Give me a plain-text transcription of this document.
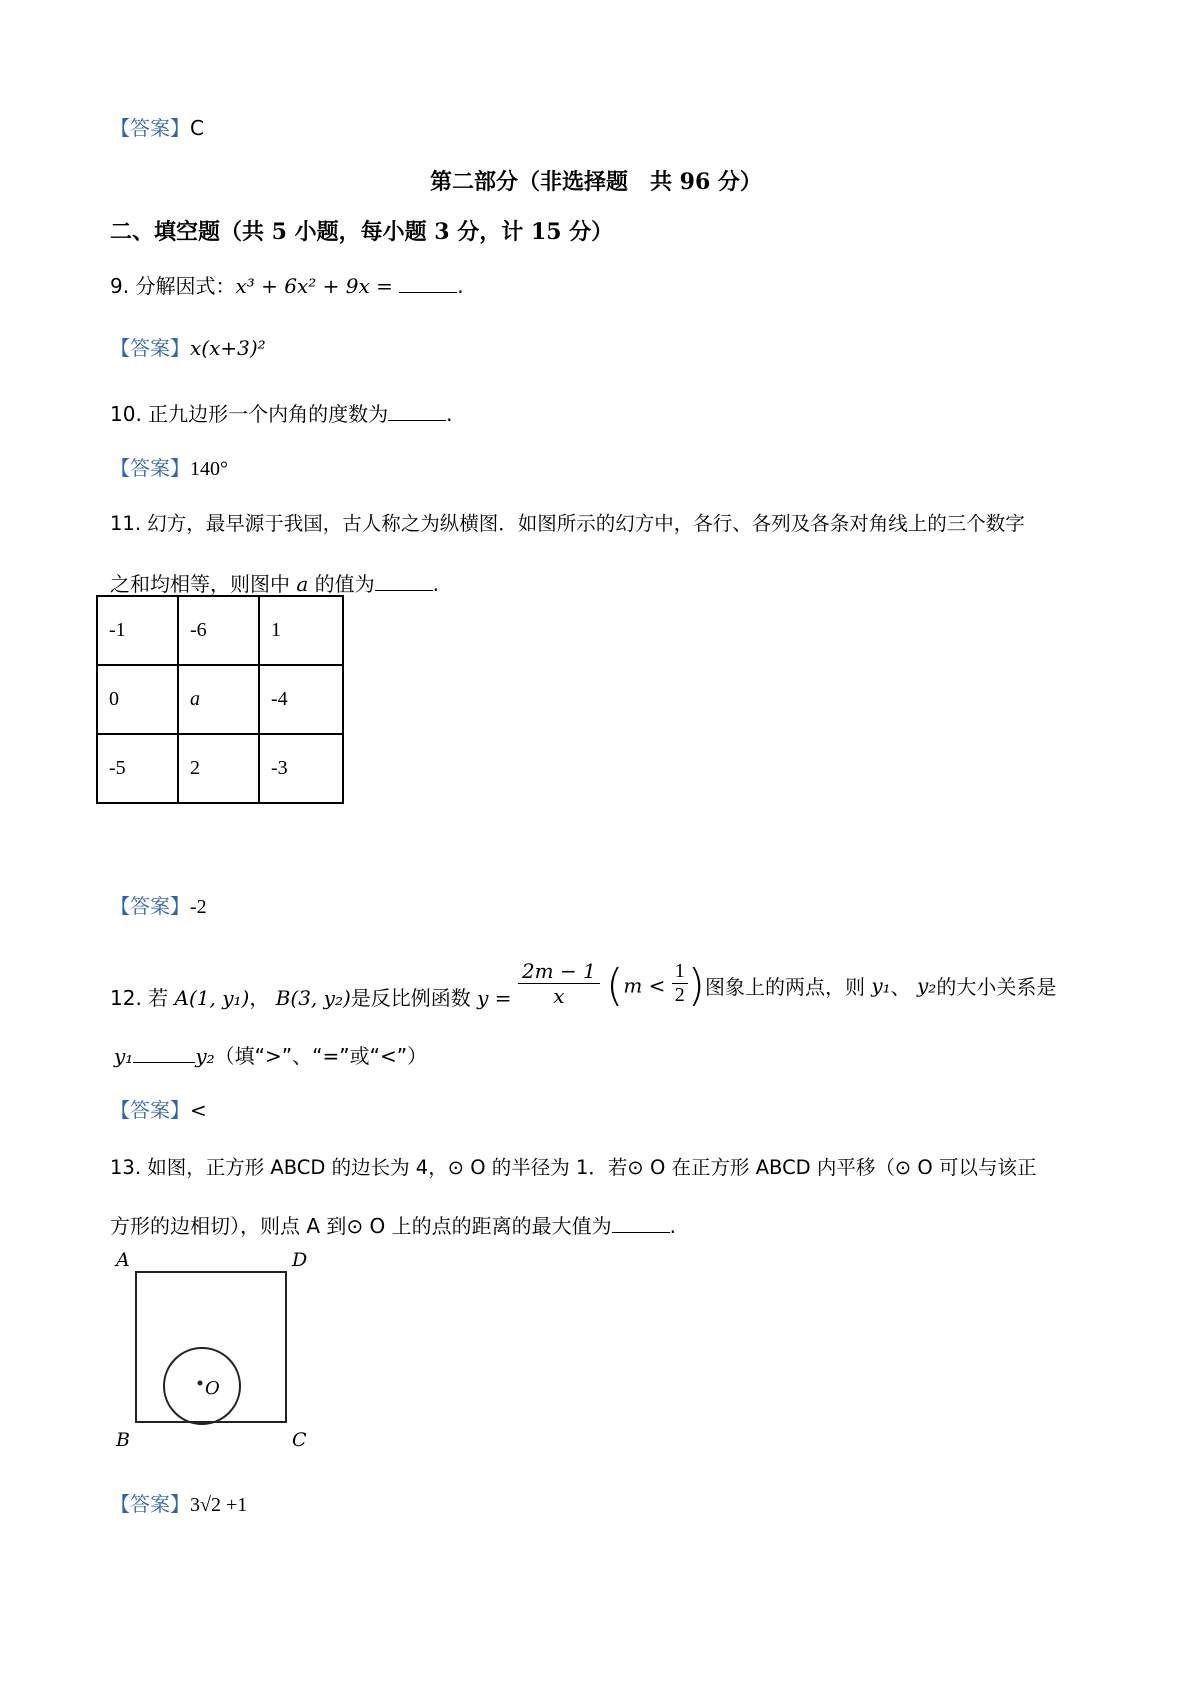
【答案】C
第二部分（非选择题　共 96 分）
二、填空题（共 5 小题，每小题 3 分，计 15 分）
9. 分解因式：x³ + 6x² + 9x =	.
【答案】x(x+3)²
10. 正九边形一个内角的度数为	.
【答案】140°
11. 幻方，最早源于我国，古人称之为纵横图．如图所示的幻方中，各行、各列及各条对角线上的三个数字
之和均相等，则图中 a 的值为	.
-1	-6	1
0	a	-4
-5	2	-3
【答案】-2
12. 若 A(1, y₁)， B(3, y₂)是反比例函数 $y = \frac{2m - 1}{x} (m < \frac{1}{2}$ )图象上的两点，则 y₁、 y₂的大小关系是
y₁	y₂（填“>”、“=”或“<”）
【答案】<
13. 如图，正方形 ABCD 的边长为 4，⊙ O 的半径为 1．若⊙ O 在正方形 ABCD 内平移（⊙ O 可以与该正
方形的边相切），则点 A 到⊙ O 上的点的距离的最大值为	.
A	D
B	C
O
【答案】3√2 +1
